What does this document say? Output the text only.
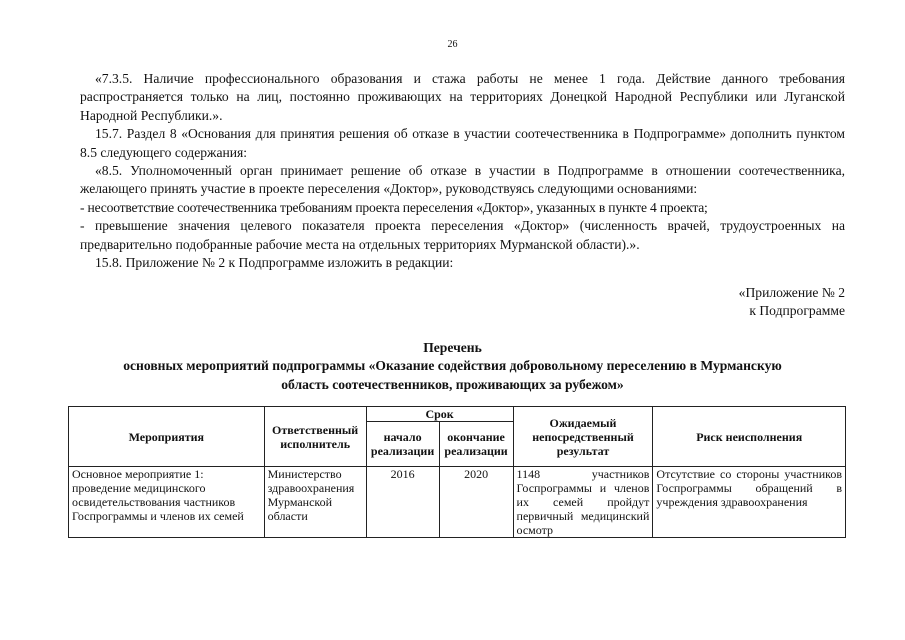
26

«7.3.5. Наличие профессионального образования и стажа работы не менее 1 года. Действие данного требования распространяется только на лиц, постоянно проживающих на территориях Донецкой Народной Республики или Луганской Народной Республики.».

15.7. Раздел 8 «Основания для принятия решения об отказе в участии соотечественника в Подпрограмме» дополнить пунктом 8.5 следующего содержания:

«8.5. Уполномоченный орган принимает решение об отказе в участии в Подпрограмме в отношении соотечественника, желающего принять участие в проекте переселения «Доктор», руководствуясь следующими основаниями:

- несоответствие соотечественника требованиям проекта переселения «Доктор», указанных в пункте 4 проекта;

- превышение значения целевого показателя проекта переселения «Доктор» (численность врачей, трудоустроенных на предварительно подобранные рабочие места на отдельных территориях Мурманской области).».

15.8. Приложение № 2 к Подпрограмме изложить в редакции:

«Приложение № 2
к Подпрограмме
Перечень
основных мероприятий подпрограммы «Оказание содействия добровольному переселению в Мурманскую
область соотечественников, проживающих за рубежом»
Мероприятия	Ответственный исполнитель	Срок		Ожидаемый непосредственный результат	Риск неисполнения
		начало реализации	окончание реализации		
Основное мероприятие 1: проведение медицинского освидетельствования частников Госпрограммы и членов их семей	Министерство здравоохранения Мурманской области	2016	2020	1148 участников Госпрограммы и членов их семей пройдут первичный медицинский осмотр	Отсутствие со стороны участников Госпрограммы обращений в учреждения здравоохранения
